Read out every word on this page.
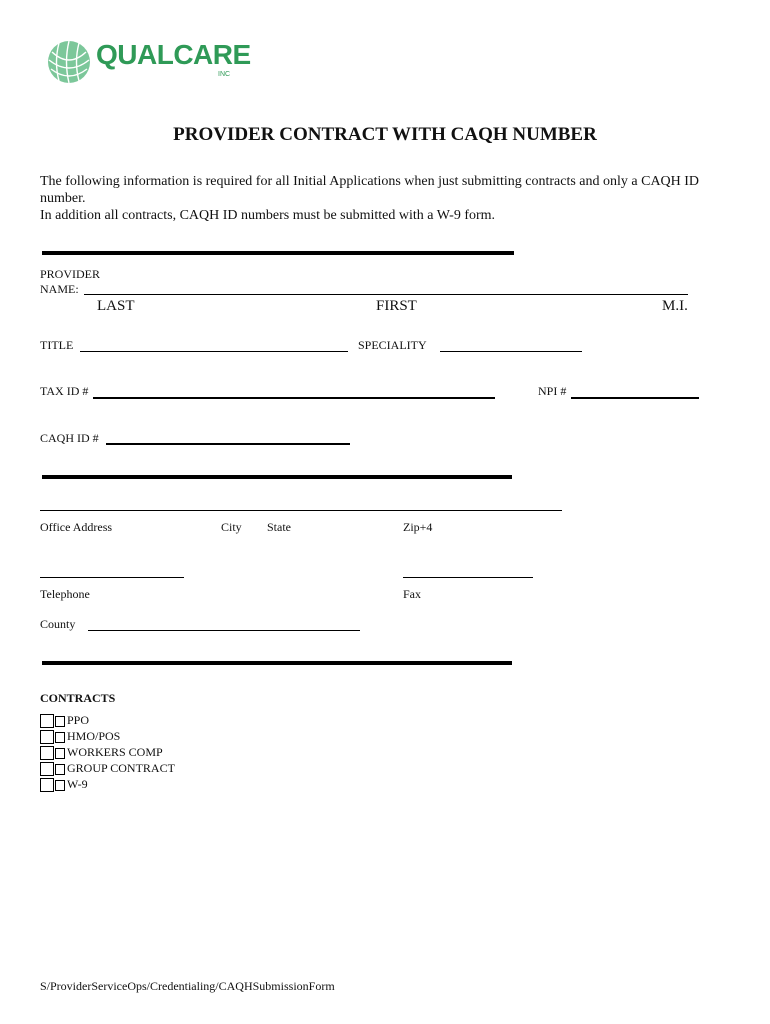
QUALCARE
INC
PROVIDER CONTRACT WITH CAQH NUMBER
The following information is required for all Initial Applications when just submitting contracts and only a CAQH ID number.
In addition all contracts, CAQH ID numbers must be submitted with a W-9 form.
PROVIDER
NAME:
LAST	FIRST	M.I.
TITLE	SPECIALITY
TAX ID #	NPI #
CAQH ID #
Office Address	City State	Zip+4
Telephone	Fax
County
CONTRACTS
PPO
HMO/POS
WORKERS COMP
GROUP CONTRACT
W-9
S/ProviderServiceOps/Credentialing/CAQHSubmissionForm
